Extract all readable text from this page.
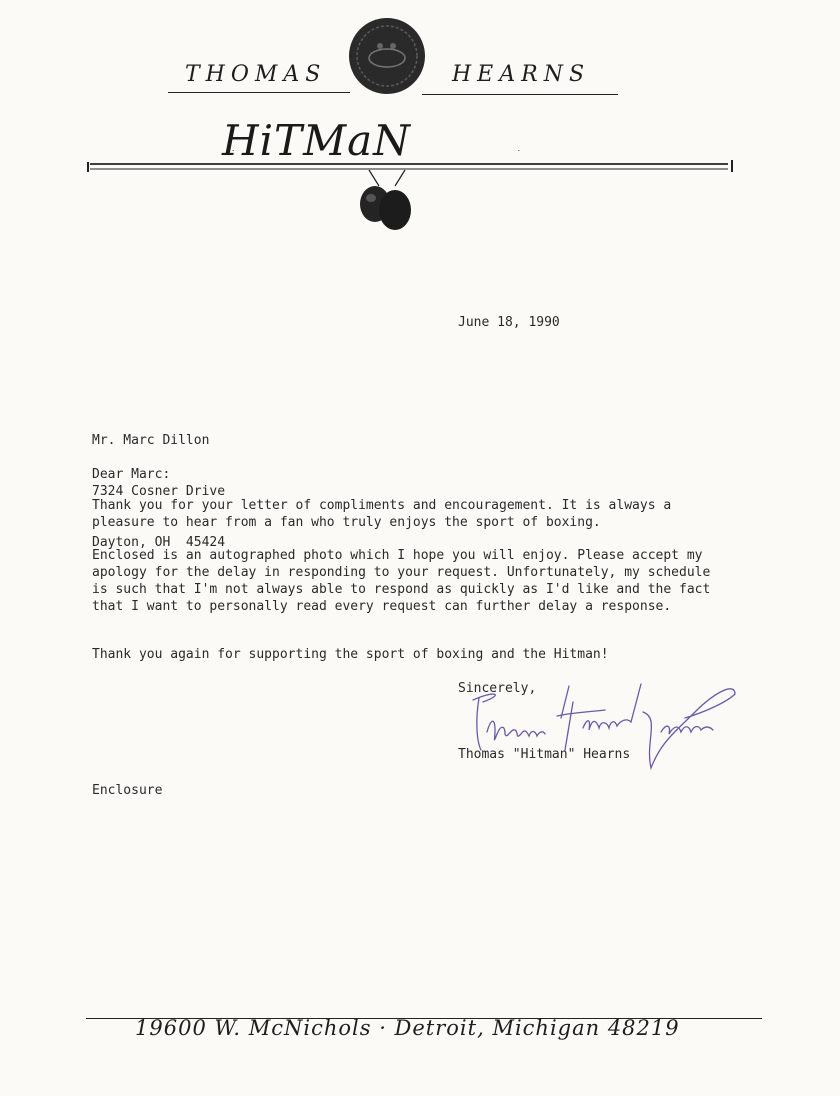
THOMAS	HEARNS
HiTMaN
June 18, 1990

Mr. Marc Dillon

7324 Cosner Drive

Dayton, OH  45424

Dear Marc:
Thank you for your letter of compliments and encouragement. It is always a pleasure to hear from a fan who truly enjoys the sport of boxing.
Enclosed is an autographed photo which I hope you will enjoy. Please accept my apology for the delay in responding to your request. Unfortunately, my schedule is such that I'm not always able to respond as quickly as I'd like and the fact that I want to personally read every request can further delay a response.
Thank you again for supporting the sport of boxing and the Hitman!
Sincerely,
Thomas "Hitman" Hearns
Enclosure
19600 W. McNichols · Detroit, Michigan 48219
